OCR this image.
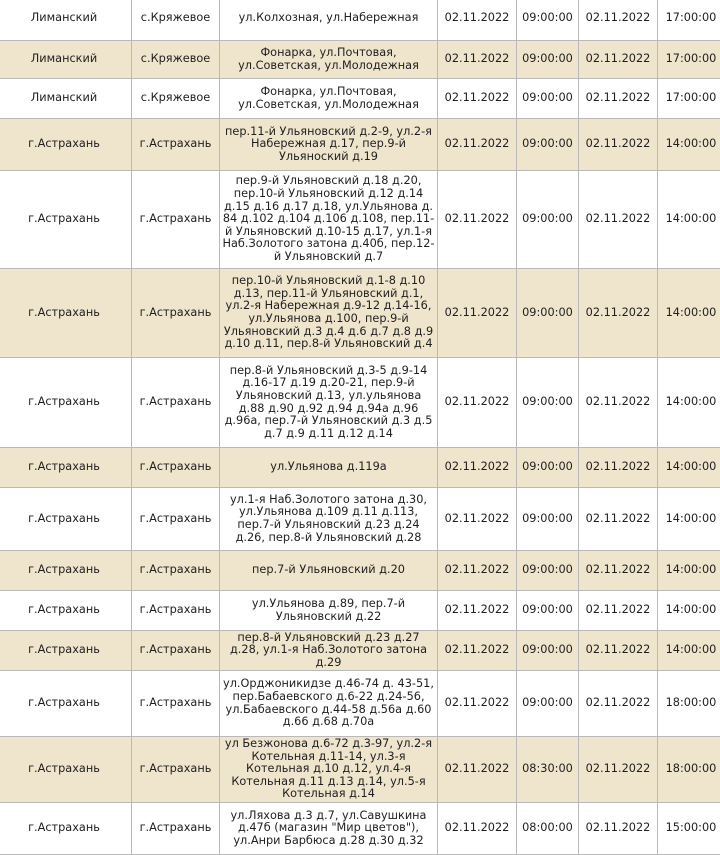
Лиманский	с.Кряжевое	ул.Колхозная, ул.Набережная	02.11.2022	09:00:00	02.11.2022	17:00:00
Лиманский	с.Кряжевое	Фонарка, ул.Почтовая, ул.Советская, ул.Молодежная	02.11.2022	09:00:00	02.11.2022	17:00:00
Лиманский	с.Кряжевое	Фонарка, ул.Почтовая, ул.Советская, ул.Молодежная	02.11.2022	09:00:00	02.11.2022	17:00:00
г.Астрахань	г.Астрахань	пер.11-й Ульяновский д.2-9, ул.2-я Набережная д.17, пер.9-й Ульяноский д.19	02.11.2022	09:00:00	02.11.2022	14:00:00
г.Астрахань	г.Астрахань	пер.9-й Ульяновский д.18 д.20, пер.10-й Ульяновский д.12 д.14 д.15 д.16 д.17 д.18, ул.Ульянова д. 84 д.102 д.104 д.106 д.108, пер.11-й Ульяновский д.10-15 д.17, ул.1-я Наб.Золотого затона д.40б, пер.12-й Ульяновский д.7	02.11.2022	09:00:00	02.11.2022	14:00:00
г.Астрахань	г.Астрахань	пер.10-й Ульяновский д.1-8 д.10 д.13, пер.11-й Ульяновский д.1, ул.2-я Набережная д.9-12 д.14-16, ул.Ульянова д.100, пер.9-й Ульяновский д.3 д.4 д.6 д.7 д.8 д.9 д.10 д.11, пер.8-й Ульяновский д.4	02.11.2022	09:00:00	02.11.2022	14:00:00
г.Астрахань	г.Астрахань	пер.8-й Ульяновский д.3-5 д.9-14 д.16-17 д.19 д.20-21, пер.9-й Ульяновский д.13, ул.ульянова д.88 д.90 д.92 д.94 д.94а д.96 д.96а, пер.7-й Ульяновский д.3 д.5 д.7 д.9 д.11 д.12 д.14	02.11.2022	09:00:00	02.11.2022	14:00:00
г.Астрахань	г.Астрахань	ул.Ульянова д.119а	02.11.2022	09:00:00	02.11.2022	14:00:00
г.Астрахань	г.Астрахань	ул.1-я Наб.Золотого затона д.30, ул.Ульянова д.109 д.11 д.113, пер.7-й Ульяновский д.23 д.24 д.26, пер.8-й Ульяновский д.28	02.11.2022	09:00:00	02.11.2022	14:00:00
г.Астрахань	г.Астрахань	пер.7-й Ульяновский д.20	02.11.2022	09:00:00	02.11.2022	14:00:00
г.Астрахань	г.Астрахань	ул.Ульянова д.89, пер.7-й Ульяновский д.22	02.11.2022	09:00:00	02.11.2022	14:00:00
г.Астрахань	г.Астрахань	пер.8-й Ульяновский д.23 д.27 д.28, ул.1-я Наб.Золотого затона д.29	02.11.2022	09:00:00	02.11.2022	14:00:00
г.Астрахань	г.Астрахань	ул.Орджоникидзе д.46-74 д. 43-51, пер.Бабаевского д.6-22 д.24-56, ул.Бабаевского д.44-58 д.56а д.60 д.66 д.68 д.70а	02.11.2022	09:00:00	02.11.2022	18:00:00
г.Астрахань	г.Астрахань	ул Безжонова д.6-72 д.3-97, ул.2-я Котельная д.11-14, ул.3-я Котельная д.10 д.12, ул.4-я Котельная д.11 д.13 д.14, ул.5-я Котельная д.14	02.11.2022	08:30:00	02.11.2022	18:00:00
г.Астрахань	г.Астрахань	ул.Ляхова д.3 д.7, ул.Савушкина д.47б (магазин "Мир цветов"), ул.Анри Барбюса д.28 д.30 д.32	02.11.2022	08:00:00	02.11.2022	15:00:00
